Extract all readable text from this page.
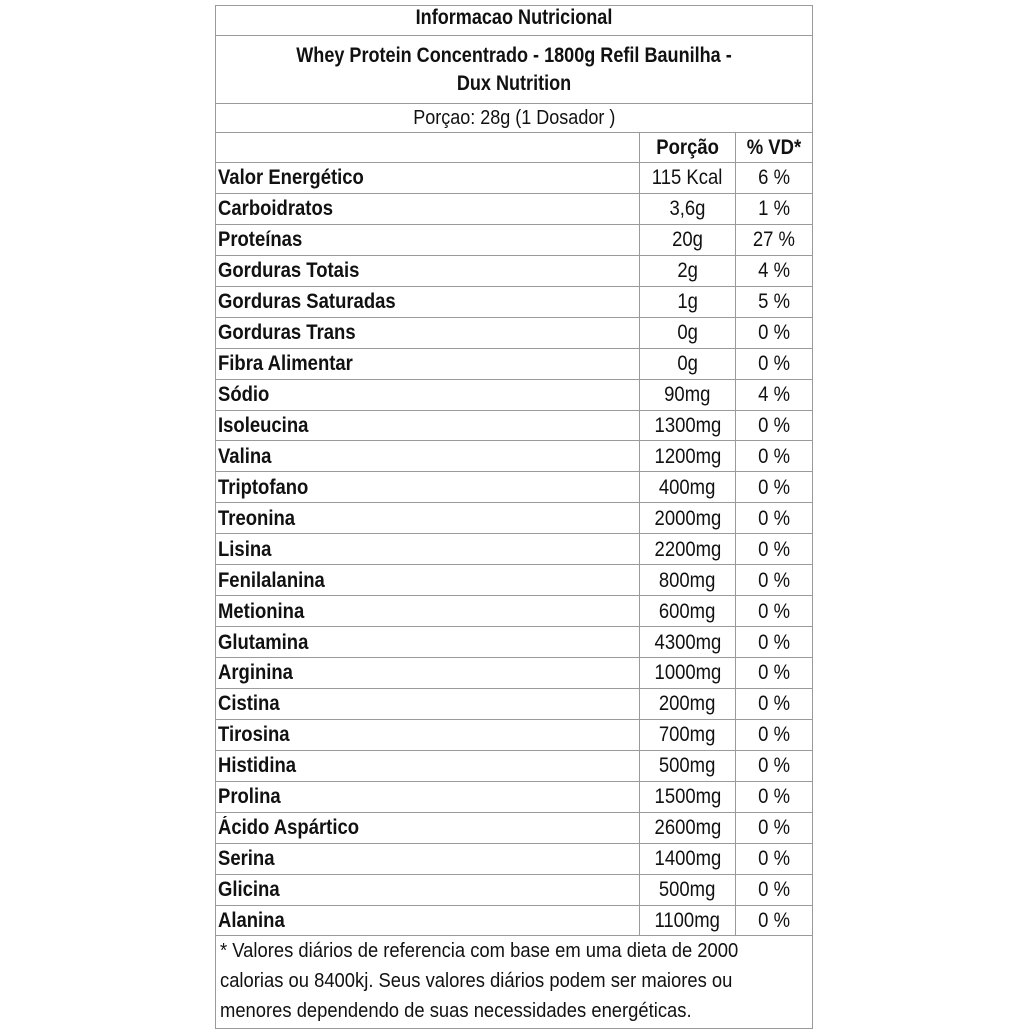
Informacao Nutricional		

Whey Protein Concentrado - 1800g Refil Baunilha - Dux Nutrition		
Porçao: 28g (1 Dosador )		
	Porção	% VD*
Valor Energético	115 Kcal	6 %
Carboidratos	3,6g	1 %
Proteínas	20g	27 %
Gorduras Totais	2g	4 %
Gorduras Saturadas	1g	5 %
Gorduras Trans	0g	0 %
Fibra Alimentar	0g	0 %
Sódio	90mg	4 %
Isoleucina	1300mg	0 %
Valina	1200mg	0 %
Triptofano	400mg	0 %
Treonina	2000mg	0 %
Lisina	2200mg	0 %
Fenilalanina	800mg	0 %
Metionina	600mg	0 %
Glutamina	4300mg	0 %
Arginina	1000mg	0 %
Cistina	200mg	0 %
Tirosina	700mg	0 %
Histidina	500mg	0 %
Prolina	1500mg	0 %
Ácido Aspártico	2600mg	0 %
Serina	1400mg	0 %
Glicina	500mg	0 %
Alanina	1100mg	0 %

* Valores diários de referencia com base em uma dieta de 2000 calorias ou 8400kj. Seus valores diários podem ser maiores ou menores dependendo de suas necessidades energéticas.		
